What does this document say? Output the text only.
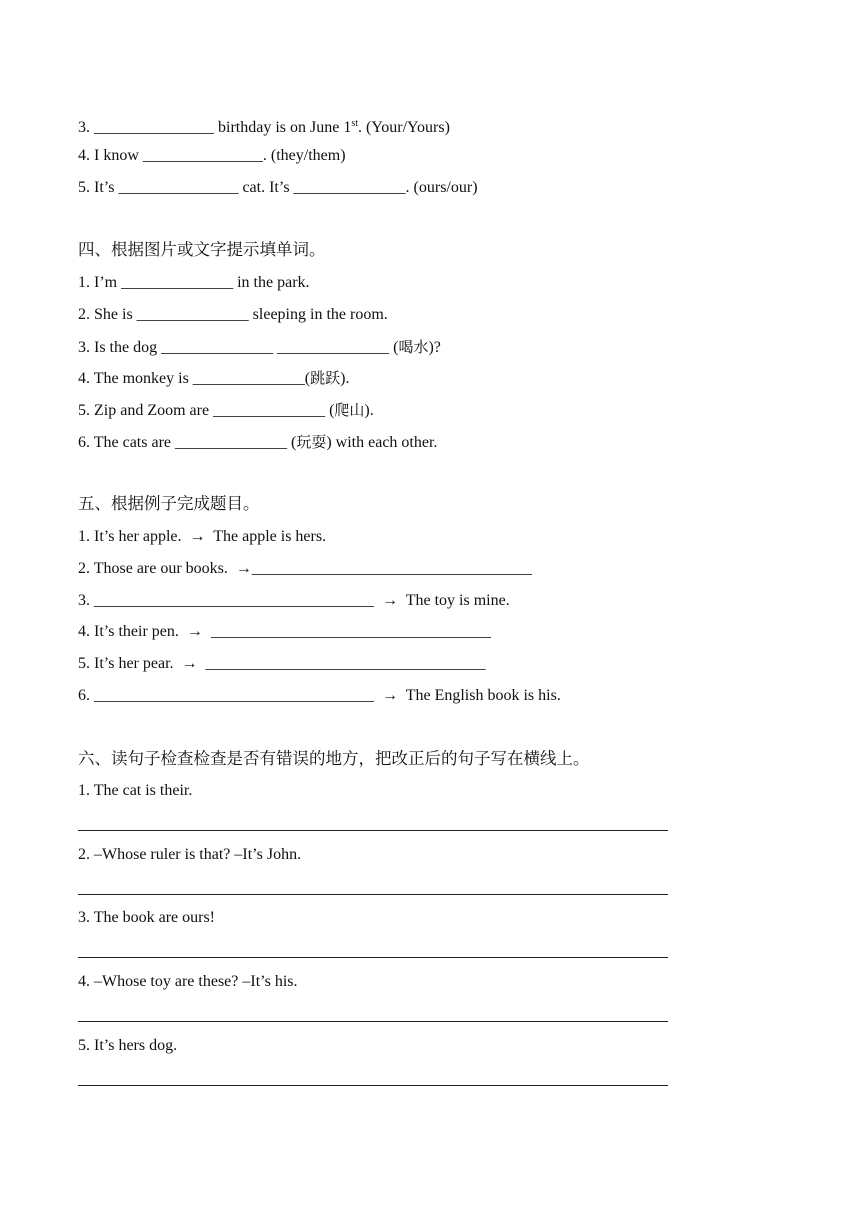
3. _______________ birthday is on June 1st. (Your/Yours)
4. I know _______________. (they/them)
5. It’s _______________ cat. It’s ______________. (ours/our)
四、根据图片或文字提示填单词。
1. I’m ______________ in the park.
2. She is ______________ sleeping in the room.
3. Is the dog ______________ ______________ (喝水)?
4. The monkey is ______________(跳跃).
5. Zip and Zoom are ______________ (爬山).
6. The cats are ______________ (玩耍) with each other.
五、根据例子完成题目。
1. It’s her apple.  →  The apple is hers.
2. Those are our books.  →___________________________________
3. ___________________________________  →  The toy is mine.
4. It’s their pen.  →  ___________________________________
5. It’s her pear.  →  ___________________________________
6. ___________________________________  →  The English book is his.
六、读句子检查检查是否有错误的地方，把改正后的句子写在横线上。
1. The cat is their.
2. –Whose ruler is that? –It’s John.
3. The book are ours!
4. –Whose toy are these? –It’s his.
5. It’s hers dog.
